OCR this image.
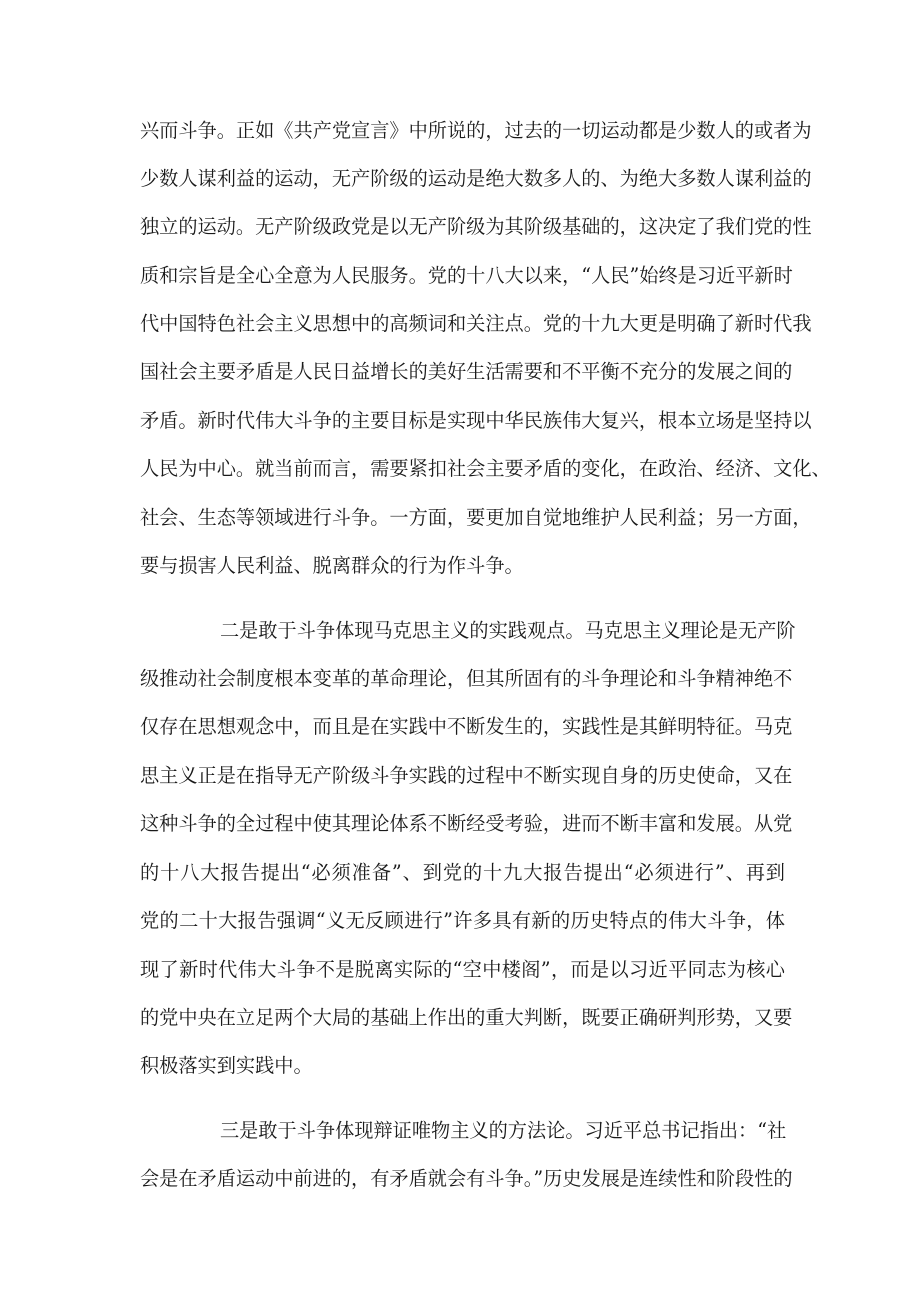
兴而斗争。正如《共产党宣言》中所说的，过去的一切运动都是少数人的或者为
少数人谋利益的运动，无产阶级的运动是绝大数多人的、为绝大多数人谋利益的
独立的运动。无产阶级政党是以无产阶级为其阶级基础的，这决定了我们党的性
质和宗旨是全心全意为人民服务。党的十八大以来，“人民”始终是习近平新时
代中国特色社会主义思想中的高频词和关注点。党的十九大更是明确了新时代我
国社会主要矛盾是人民日益增长的美好生活需要和不平衡不充分的发展之间的
矛盾。新时代伟大斗争的主要目标是实现中华民族伟大复兴，根本立场是坚持以
人民为中心。就当前而言，需要紧扣社会主要矛盾的变化，在政治、经济、文化、
社会、生态等领域进行斗争。一方面，要更加自觉地维护人民利益；另一方面，
要与损害人民利益、脱离群众的行为作斗争。
二是敢于斗争体现马克思主义的实践观点。马克思主义理论是无产阶
级推动社会制度根本变革的革命理论，但其所固有的斗争理论和斗争精神绝不
仅存在思想观念中，而且是在实践中不断发生的，实践性是其鲜明特征。马克
思主义正是在指导无产阶级斗争实践的过程中不断实现自身的历史使命，又在
这种斗争的全过程中使其理论体系不断经受考验，进而不断丰富和发展。从党
的十八大报告提出“必须准备”、到党的十九大报告提出“必须进行”、再到
党的二十大报告强调“义无反顾进行”许多具有新的历史特点的伟大斗争，体
现了新时代伟大斗争不是脱离实际的“空中楼阁”，而是以习近平同志为核心
的党中央在立足两个大局的基础上作出的重大判断，既要正确研判形势，又要
积极落实到实践中。
三是敢于斗争体现辩证唯物主义的方法论。习近平总书记指出：“社
会是在矛盾运动中前进的，有矛盾就会有斗争。”历史发展是连续性和阶段性的
